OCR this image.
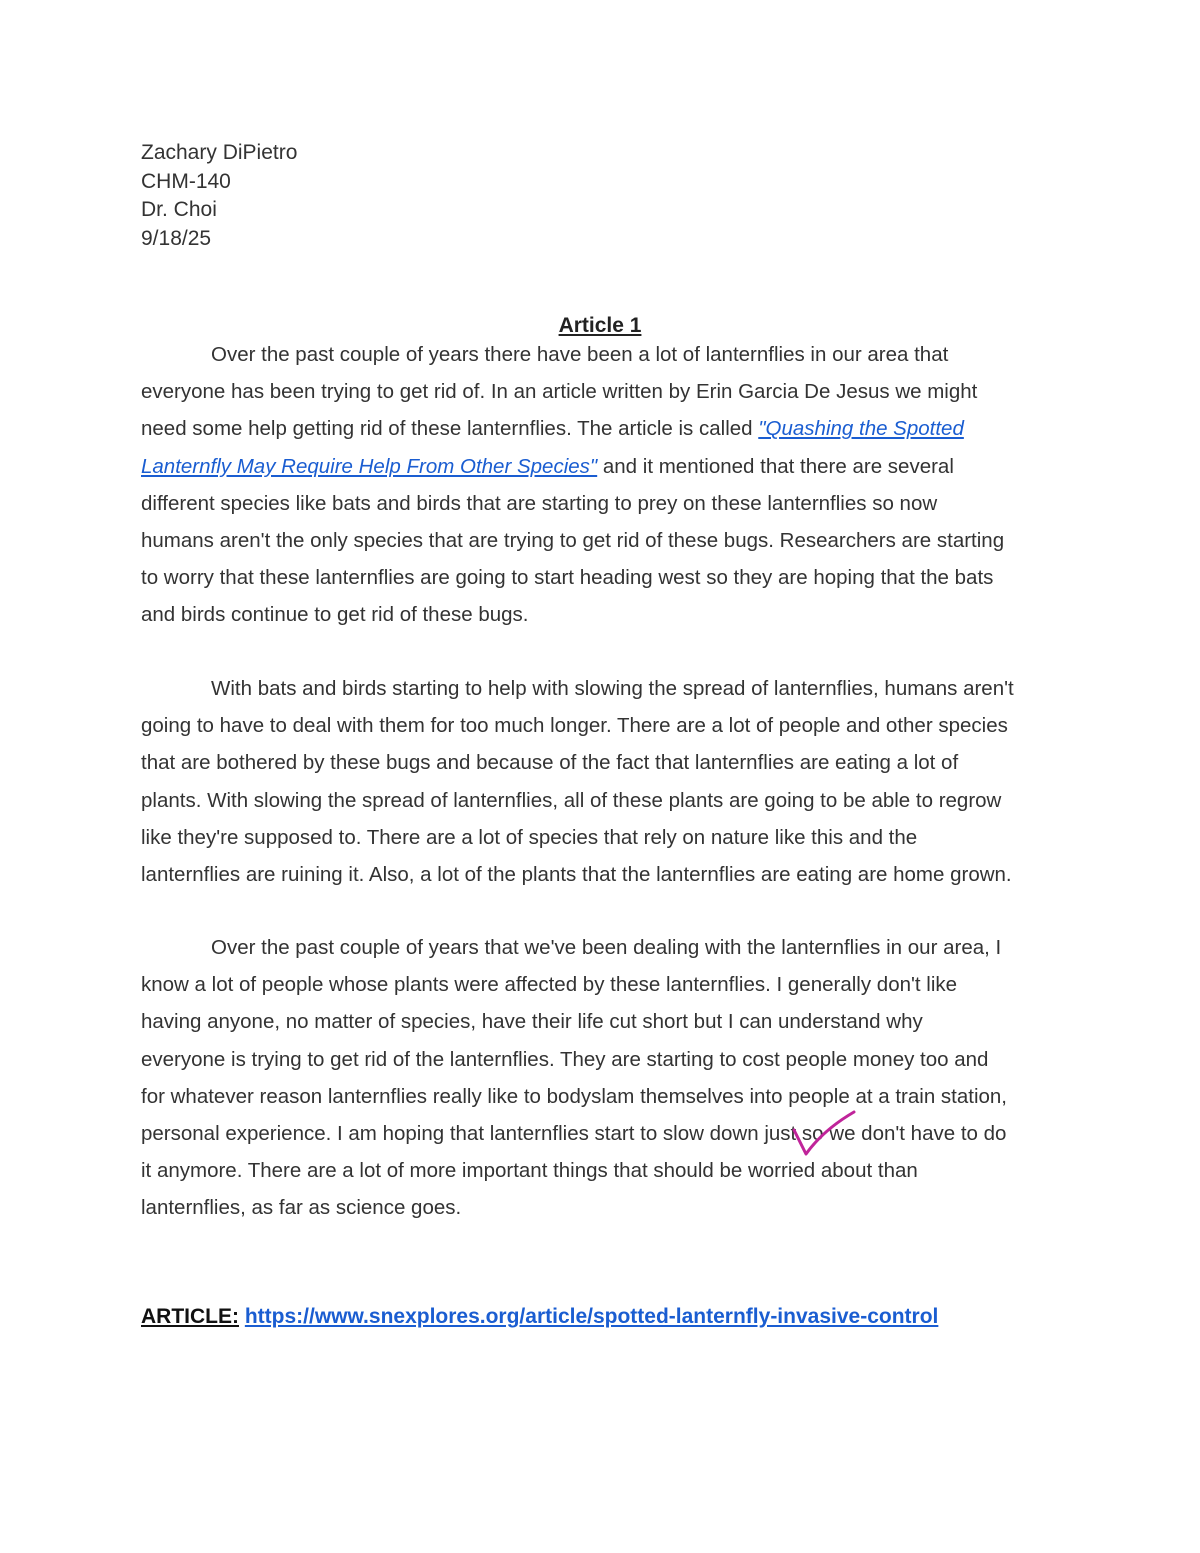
Zachary DiPietro
CHM-140
Dr. Choi
9/18/25
Article 1
Over the past couple of years there have been a lot of lanternflies in our area that
everyone has been trying to get rid of. In an article written by Erin Garcia De Jesus we might
need some help getting rid of these lanternflies. The article is called "Quashing the Spotted
Lanternfly May Require Help From Other Species" and it mentioned that there are several
different species like bats and birds that are starting to prey on these lanternflies so now
humans aren't the only species that are trying to get rid of these bugs. Researchers are starting
to worry that these lanternflies are going to start heading west so they are hoping that the bats
and birds continue to get rid of these bugs.
With bats and birds starting to help with slowing the spread of lanternflies, humans aren't
going to have to deal with them for too much longer. There are a lot of people and other species
that are bothered by these bugs and because of the fact that lanternflies are eating a lot of
plants. With slowing the spread of lanternflies, all of these plants are going to be able to regrow
like they're supposed to. There are a lot of species that rely on nature like this and the
lanternflies are ruining it. Also, a lot of the plants that the lanternflies are eating are home grown.
Over the past couple of years that we've been dealing with the lanternflies in our area, I
know a lot of people whose plants were affected by these lanternflies. I generally don't like
having anyone, no matter of species, have their life cut short but I can understand why
everyone is trying to get rid of the lanternflies. They are starting to cost people money too and
for whatever reason lanternflies really like to bodyslam themselves into people at a train station,
personal experience. I am hoping that lanternflies start to slow down just so we don't have to do
it anymore. There are a lot of more important things that should be worried about than
lanternflies, as far as science goes.
ARTICLE: https://www.snexplores.org/article/spotted-lanternfly-invasive-control
